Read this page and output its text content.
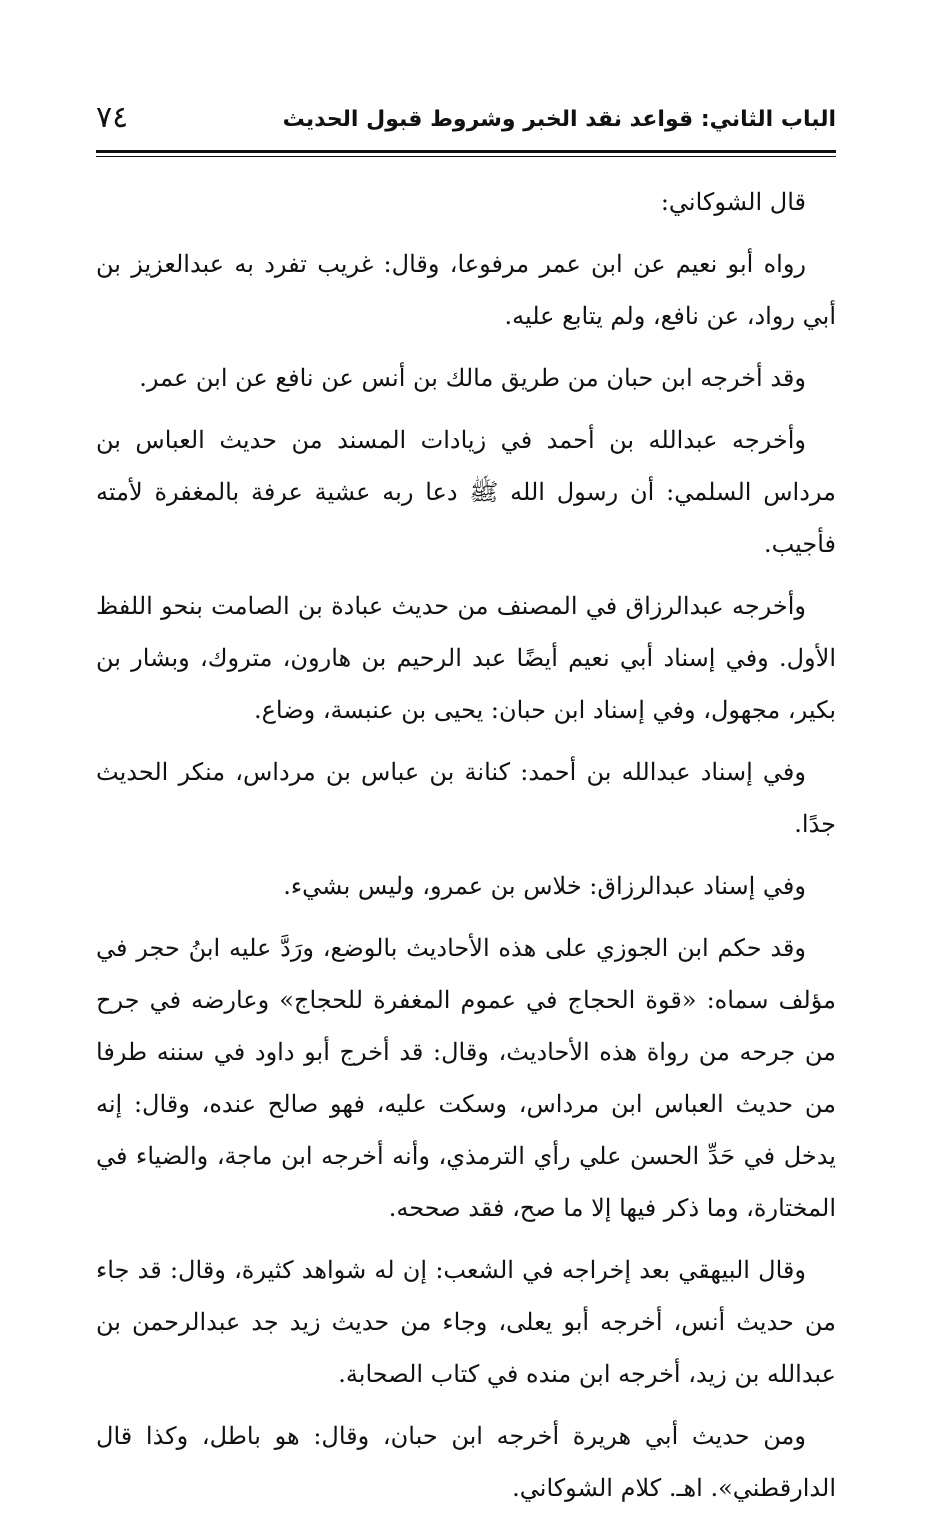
الباب الثاني: قواعد نقد الخبر وشروط قبول الحديث
٧٤

قال الشوكاني:

رواه أبو نعيم عن ابن عمر مرفوعا، وقال: غريب تفرد به عبدالعزيز بن أبي رواد، عن نافع، ولم يتابع عليه.

وقد أخرجه ابن حبان من طريق مالك بن أنس عن نافع عن ابن عمر.

وأخرجه عبدالله بن أحمد في زيادات المسند من حديث العباس بن مرداس السلمي: أن رسول الله ﷺ دعا ربه عشية عرفة بالمغفرة لأمته فأجيب.

وأخرجه عبدالرزاق في المصنف من حديث عبادة بن الصامت بنحو اللفظ الأول. وفي إسناد أبي نعيم أيضًا عبد الرحيم بن هارون، متروك، وبشار بن بكير، مجهول، وفي إسناد ابن حبان: يحيى بن عنبسة، وضاع.

وفي إسناد عبدالله بن أحمد: كنانة بن عباس بن مرداس، منكر الحديث جدًا.

وفي إسناد عبدالرزاق: خلاس بن عمرو، وليس بشيء.

وقد حكم ابن الجوزي على هذه الأحاديث بالوضع، ورَدَّ عليه ابنُ حجر في مؤلف سماه: «قوة الحجاج في عموم المغفرة للحجاج» وعارضه في جرح من جرحه من رواة هذه الأحاديث، وقال: قد أخرج أبو داود في سننه طرفا من حديث العباس ابن مرداس، وسكت عليه، فهو صالح عنده، وقال: إنه يدخل في حَدِّ الحسن علي رأي الترمذي، وأنه أخرجه ابن ماجة، والضياء في المختارة، وما ذكر فيها إلا ما صح، فقد صححه.

وقال البيهقي بعد إخراجه في الشعب: إن له شواهد كثيرة، وقال: قد جاء من حديث أنس، أخرجه أبو يعلى، وجاء من حديث زيد جد عبدالرحمن بن عبدالله بن زيد، أخرجه ابن منده في كتاب الصحابة.

ومن حديث أبي هريرة أخرجه ابن حبان، وقال: هو باطل، وكذا قال الدارقطني». اهـ. كلام الشوكاني.
